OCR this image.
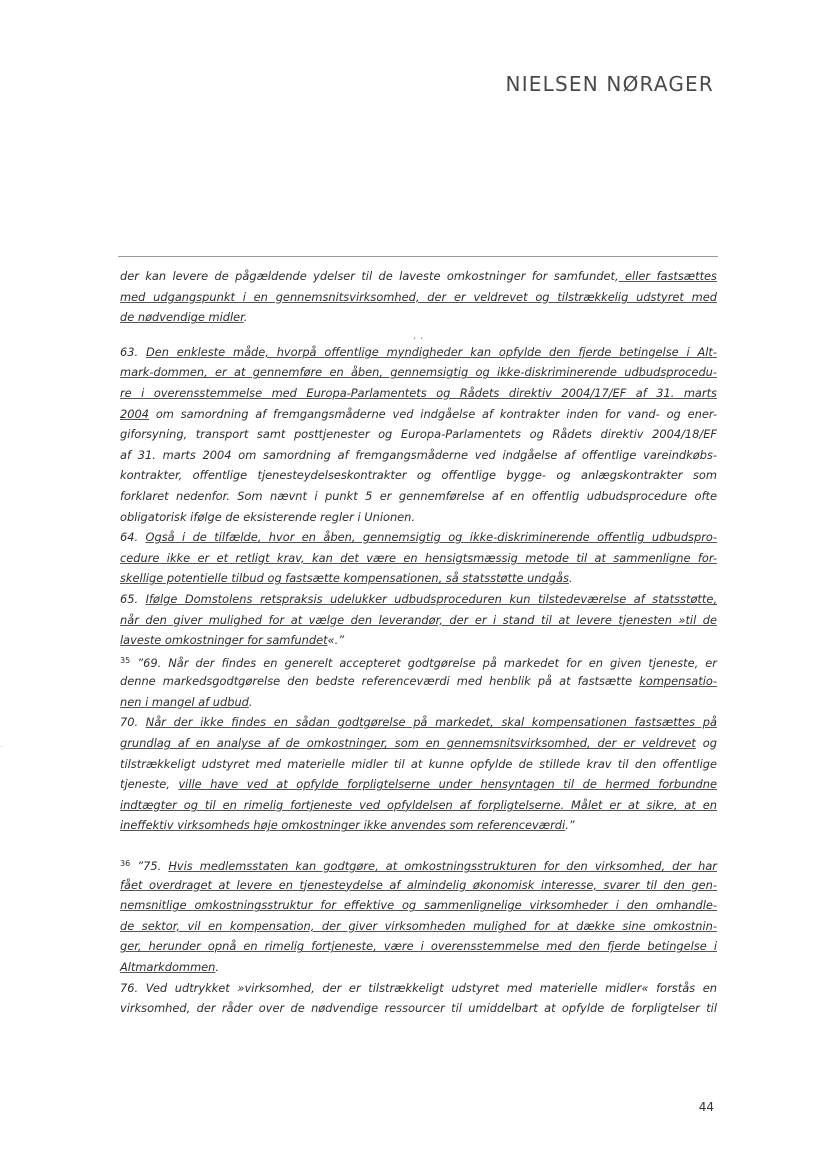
NIELSEN NØRAGER
der kan levere de pågældende ydelser til de laveste omkostninger for samfundet, eller fastsættes
med udgangspunkt i en gennemsnitsvirksomhed, der er veldrevet og tilstrækkelig udstyret med
de nødvendige midler.
. .
63. Den enkleste måde, hvorpå offentlige myndigheder kan opfylde den fjerde betingelse i Alt-
mark-dommen, er at gennemføre en åben, gennemsigtig og ikke-diskriminerende udbudsprocedu-
re i overensstemmelse med Europa-Parlamentets og Rådets direktiv 2004/17/EF af 31. marts
2004 om samordning af fremgangsmåderne ved indgåelse af kontrakter inden for vand- og ener-
giforsyning, transport samt posttjenester og Europa-Parlamentets og Rådets direktiv 2004/18/EF
af 31. marts 2004 om samordning af fremgangsmåderne ved indgåelse af offentlige vareindkøbs-
kontrakter, offentlige tjenesteydelseskontrakter og offentlige bygge- og anlægskontrakter som
forklaret nedenfor. Som nævnt i punkt 5 er gennemførelse af en offentlig udbudsprocedure ofte
obligatorisk ifølge de eksisterende regler i Unionen.
64. Også i de tilfælde, hvor en åben, gennemsigtig og ikke-diskriminerende offentlig udbudspro-
cedure ikke er et retligt krav, kan det være en hensigtsmæssig metode til at sammenligne for-
skellige potentielle tilbud og fastsætte kompensationen, så statsstøtte undgås.
65. Ifølge Domstolens retspraksis udelukker udbudsproceduren kun tilstedeværelse af statsstøtte,
når den giver mulighed for at vælge den leverandør, der er i stand til at levere tjenesten »til de
laveste omkostninger for samfundet«.”
$^{35}$ ”69. Når der findes en generelt accepteret godtgørelse på markedet for en given tjeneste, er
denne markedsgodtgørelse den bedste referenceværdi med henblik på at fastsætte kompensatio-
nen i mangel af udbud.
70. Når der ikke findes en sådan godtgørelse på markedet, skal kompensationen fastsættes på
grundlag af en analyse af de omkostninger, som en gennemsnitsvirksomhed, der er veldrevet og
tilstrækkeligt udstyret med materielle midler til at kunne opfylde de stillede krav til den offentlige
tjeneste, ville have ved at opfylde forpligtelserne under hensyntagen til de hermed forbundne
indtægter og til en rimelig fortjeneste ved opfyldelsen af forpligtelserne. Målet er at sikre, at en
ineffektiv virksomheds høje omkostninger ikke anvendes som referenceværdi.”
$^{36}$ ”75. Hvis medlemsstaten kan godtgøre, at omkostningsstrukturen for den virksomhed, der har
fået overdraget at levere en tjenesteydelse af almindelig økonomisk interesse, svarer til den gen-
nemsnitlige omkostningsstruktur for effektive og sammenlignelige virksomheder i den omhandle-
de sektor, vil en kompensation, der giver virksomheden mulighed for at dække sine omkostnin-
ger, herunder opnå en rimelig fortjeneste, være i overensstemmelse med den fjerde betingelse i
Altmarkdommen.
76. Ved udtrykket »virksomhed, der er tilstrækkeligt udstyret med materielle midler« forstås en
virksomhed, der råder over de nødvendige ressourcer til umiddelbart at opfylde de forpligtelser til
44
.
